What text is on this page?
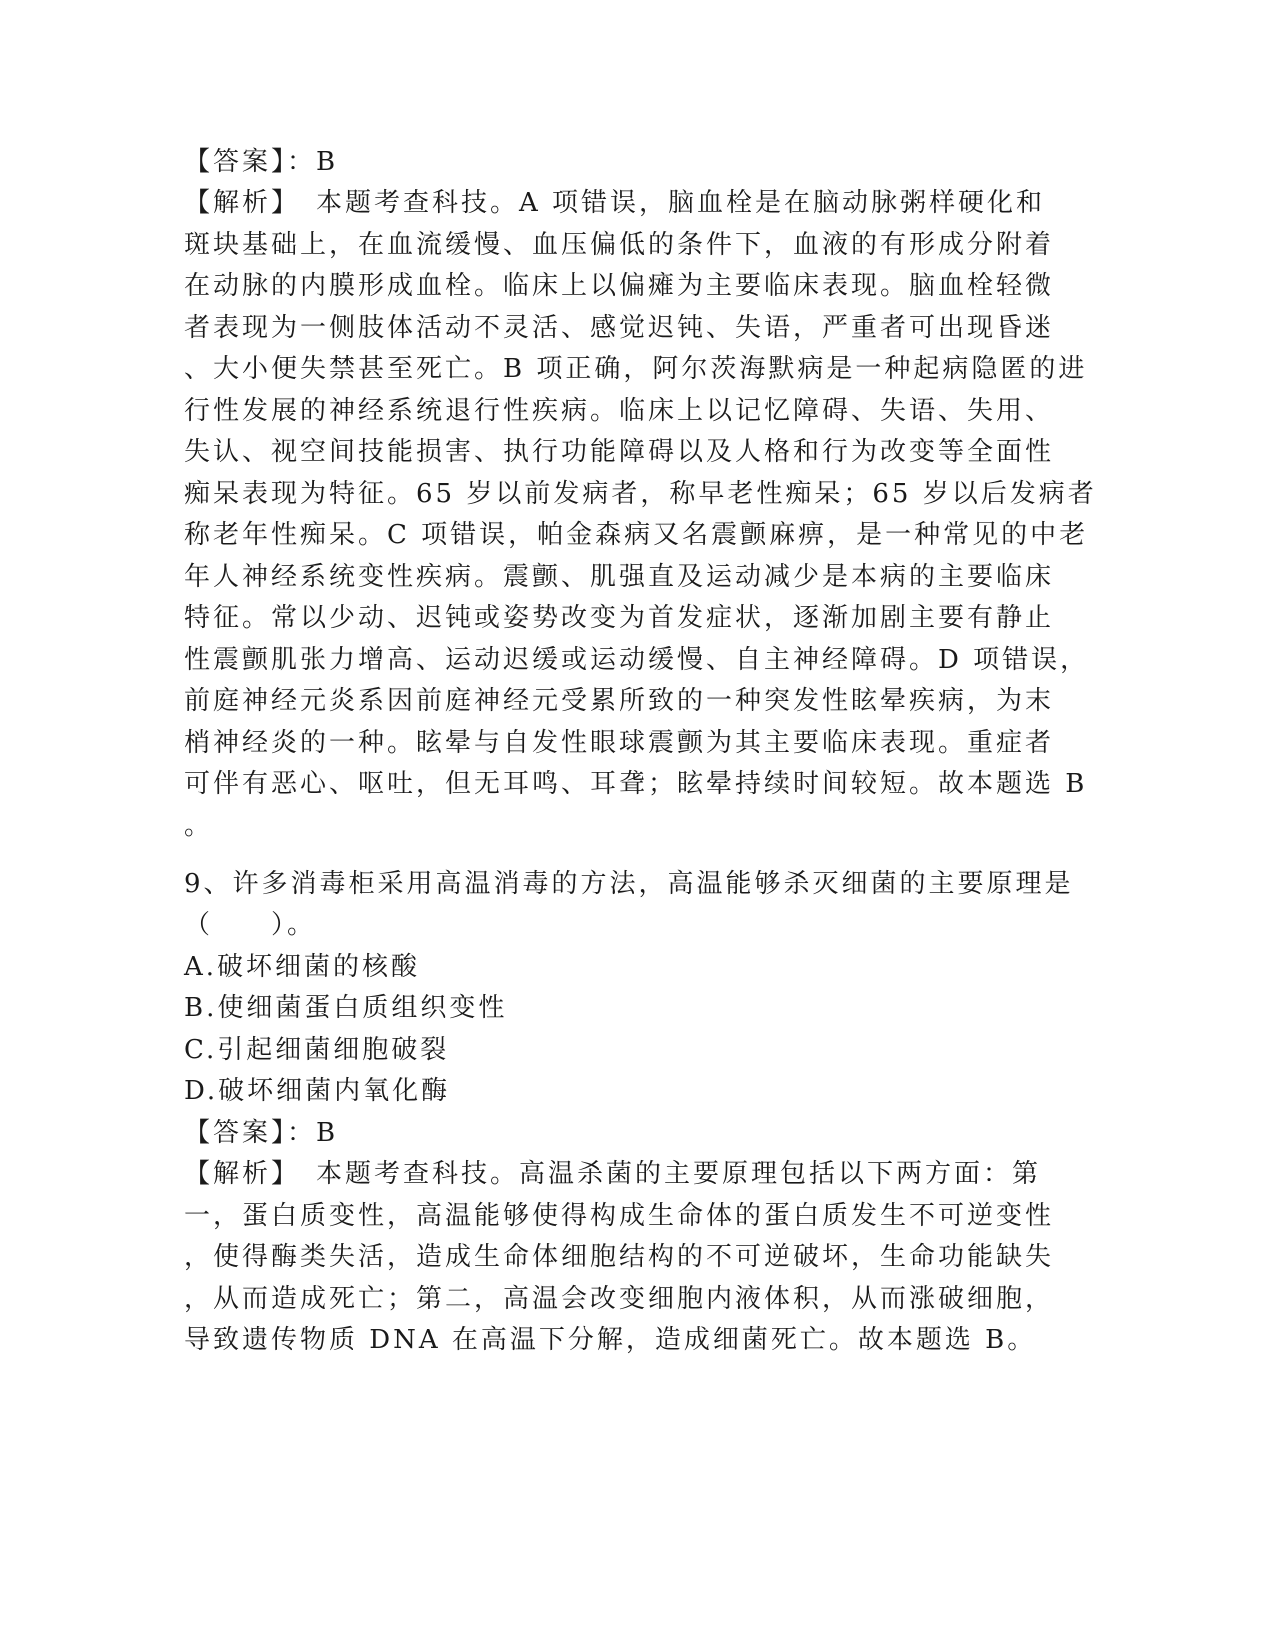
【答案】：B
【解析】　本题考查科技。A 项错误，脑血栓是在脑动脉粥样硬化和
斑块基础上，在血流缓慢、血压偏低的条件下，血液的有形成分附着
在动脉的内膜形成血栓。临床上以偏瘫为主要临床表现。脑血栓轻微
者表现为一侧肢体活动不灵活、感觉迟钝、失语，严重者可出现昏迷
、大小便失禁甚至死亡。B 项正确，阿尔茨海默病是一种起病隐匿的进
行性发展的神经系统退行性疾病。临床上以记忆障碍、失语、失用、
失认、视空间技能损害、执行功能障碍以及人格和行为改变等全面性
痴呆表现为特征。65 岁以前发病者，称早老性痴呆；65 岁以后发病者
称老年性痴呆。C 项错误，帕金森病又名震颤麻痹，是一种常见的中老
年人神经系统变性疾病。震颤、肌强直及运动减少是本病的主要临床
特征。常以少动、迟钝或姿势改变为首发症状，逐渐加剧主要有静止
性震颤肌张力增高、运动迟缓或运动缓慢、自主神经障碍。D 项错误，
前庭神经元炎系因前庭神经元受累所致的一种突发性眩晕疾病，为末
梢神经炎的一种。眩晕与自发性眼球震颤为其主要临床表现。重症者
可伴有恶心、呕吐，但无耳鸣、耳聋；眩晕持续时间较短。故本题选 B
。
9、许多消毒柜采用高温消毒的方法，高温能够杀灭细菌的主要原理是
（　　）。
A.破坏细菌的核酸
B.使细菌蛋白质组织变性
C.引起细菌细胞破裂
D.破坏细菌内氧化酶
【答案】：B
【解析】　本题考查科技。高温杀菌的主要原理包括以下两方面：第
一，蛋白质变性，高温能够使得构成生命体的蛋白质发生不可逆变性
，使得酶类失活，造成生命体细胞结构的不可逆破坏，生命功能缺失
，从而造成死亡；第二，高温会改变细胞内液体积，从而涨破细胞，
导致遗传物质 DNA 在高温下分解，造成细菌死亡。故本题选 B。
